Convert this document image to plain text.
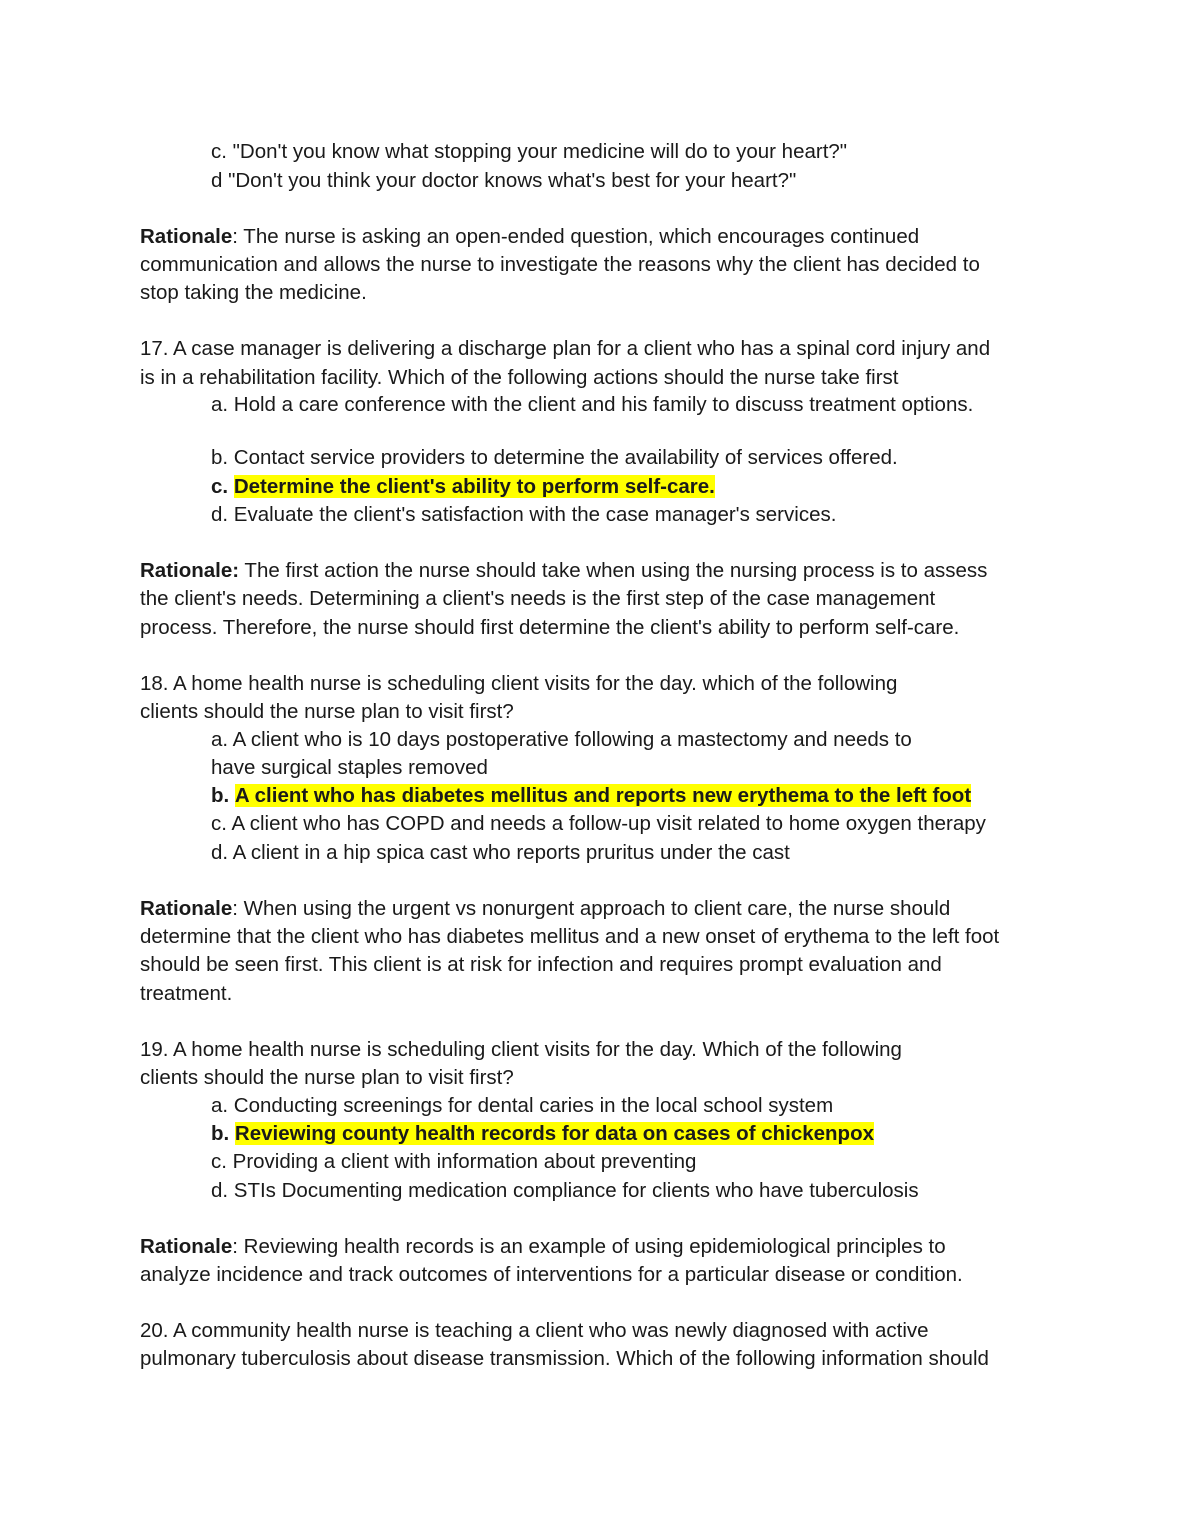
c. "Don't you know what stopping your medicine will do to your heart?"
d "Don't you think your doctor knows what's best for your heart?"
Rationale: The nurse is asking an open-ended question, which encourages continued
communication and allows the nurse to investigate the reasons why the client has decided to
stop taking the medicine.
17. A case manager is delivering a discharge plan for a client who has a spinal cord injury and
is in a rehabilitation facility. Which of the following actions should the nurse take first
a. Hold a care conference with the client and his family to discuss treatment options.
b. Contact service providers to determine the availability of services offered.
c. Determine the client's ability to perform self-care.
d. Evaluate the client's satisfaction with the case manager's services.
Rationale: The first action the nurse should take when using the nursing process is to assess
the client's needs. Determining a client's needs is the first step of the case management
process. Therefore, the nurse should first determine the client's ability to perform self-care.
18. A home health nurse is scheduling client visits for the day. which of the following
clients should the nurse plan to visit first?
a. A client who is 10 days postoperative following a mastectomy and needs to
have surgical staples removed
b. A client who has diabetes mellitus and reports new erythema to the left foot
c. A client who has COPD and needs a follow-up visit related to home oxygen therapy
d. A client in a hip spica cast who reports pruritus under the cast
Rationale: When using the urgent vs nonurgent approach to client care, the nurse should
determine that the client who has diabetes mellitus and a new onset of erythema to the left foot
should be seen first. This client is at risk for infection and requires prompt evaluation and
treatment.
19. A home health nurse is scheduling client visits for the day. Which of the following
clients should the nurse plan to visit first?
a. Conducting screenings for dental caries in the local school system
b. Reviewing county health records for data on cases of chickenpox
c. Providing a client with information about preventing
d. STIs Documenting medication compliance for clients who have tuberculosis
Rationale: Reviewing health records is an example of using epidemiological principles to
analyze incidence and track outcomes of interventions for a particular disease or condition.
20. A community health nurse is teaching a client who was newly diagnosed with active
pulmonary tuberculosis about disease transmission. Which of the following information should
